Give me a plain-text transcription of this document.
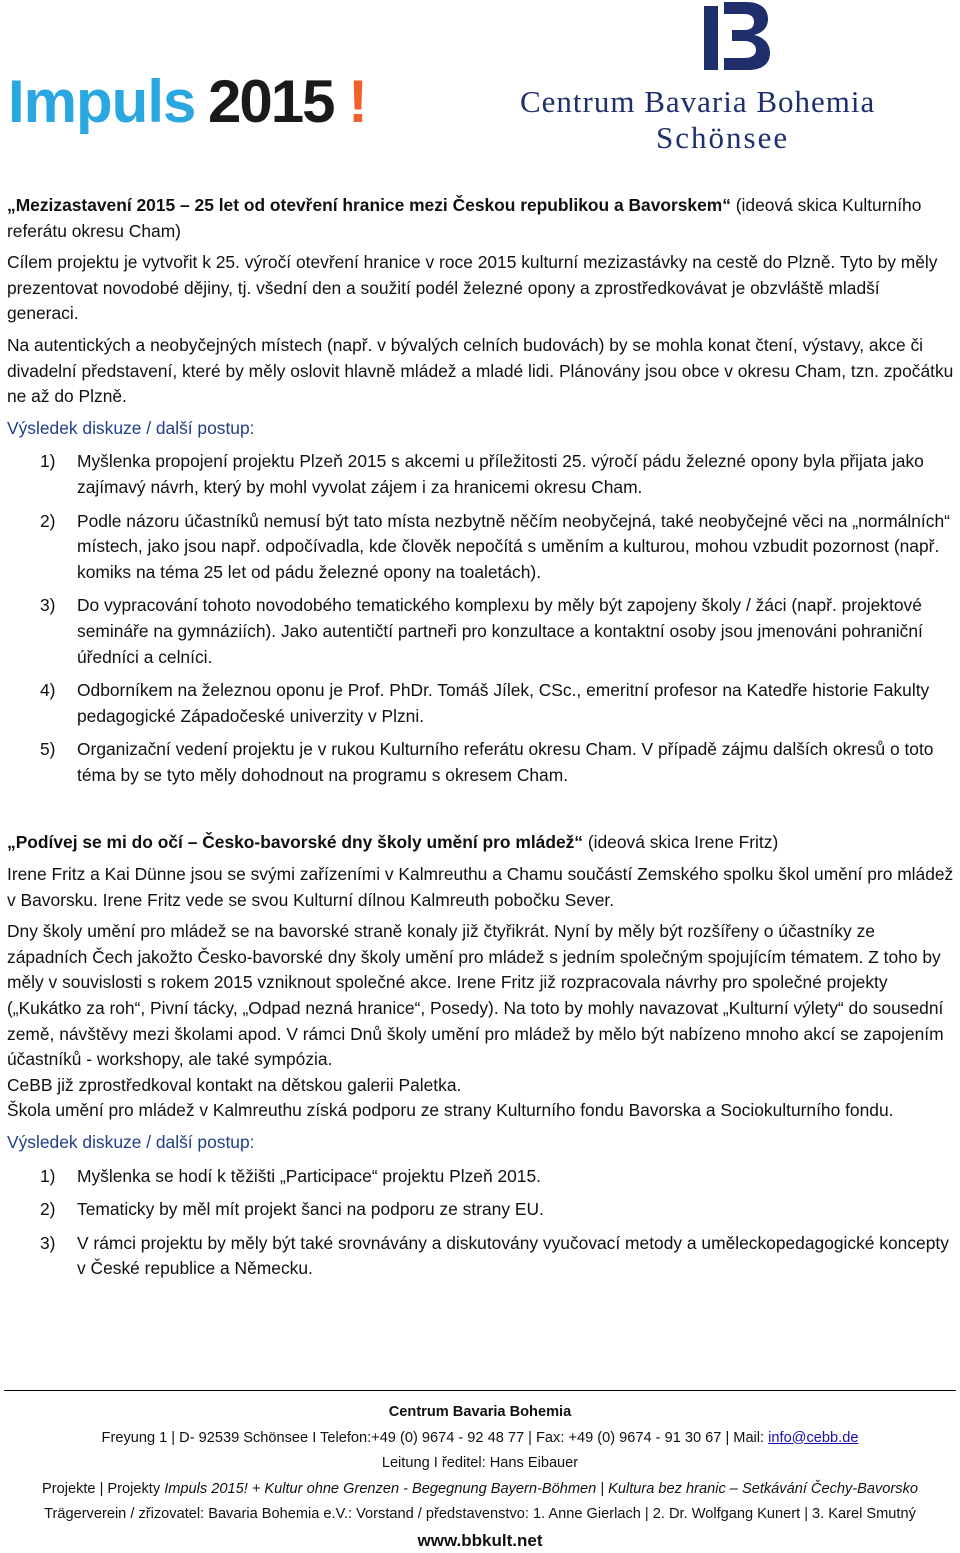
Impuls 2015 !	Centrum Bavaria Bohemia
Schönsee

„Mezizastavení 2015 – 25 let od otevření hranice mezi Českou republikou a Bavorskem“ (ideová skica Kulturního referátu okresu Cham)

Cílem projektu je vytvořit k 25. výročí otevření hranice v roce 2015 kulturní mezizastávky na cestě do Plzně. Tyto by měly prezentovat novodobé dějiny, tj. všední den a soužití podél železné opony a zprostředkovávat je obzvláště mladší generaci.

Na autentických a neobyčejných místech (např. v bývalých celních budovách) by se mohla konat čtení, výstavy, akce či divadelní představení, které by měly oslovit hlavně mládež a mladé lidi. Plánovány jsou obce v okresu Cham, tzn. zpočátku ne až do Plzně.

Výsledek diskuze / další postup:

1) Myšlenka propojení projektu Plzeň 2015 s akcemi u příležitosti 25. výročí pádu železné opony byla přijata jako zajímavý návrh, který by mohl vyvolat zájem i za hranicemi okresu Cham.
2) Podle názoru účastníků nemusí být tato místa nezbytně něčím neobyčejná, také neobyčejné věci na „normálních“ místech, jako jsou např. odpočívadla, kde člověk nepočítá s uměním a kulturou, mohou vzbudit pozornost (např. komiks na téma 25 let od pádu železné opony na toaletách).
3) Do vypracování tohoto novodobého tematického komplexu by měly být zapojeny školy / žáci (např. projektové semináře na gymnáziích). Jako autentičtí partneři pro konzultace a kontaktní osoby jsou jmenováni pohraniční úředníci a celníci.
4) Odborníkem na železnou oponu je Prof. PhDr. Tomáš Jílek, CSc., emeritní profesor na Katedře historie Fakulty pedagogické Západočeské univerzity v Plzni.
5) Organizační vedení projektu je v rukou Kulturního referátu okresu Cham. V případě zájmu dalších okresů o toto téma by se tyto měly dohodnout na programu s okresem Cham.

„Podívej se mi do očí – Česko-bavorské dny školy umění pro mládež“ (ideová skica Irene Fritz)

Irene Fritz a Kai Dünne jsou se svými zařízeními v Kalmreuthu a Chamu součástí Zemského spolku škol umění pro mládež v Bavorsku. Irene Fritz vede se svou Kulturní dílnou Kalmreuth pobočku Sever.

Dny školy umění pro mládež se na bavorské straně konaly již čtyřikrát. Nyní by měly být rozšířeny o účastníky ze západních Čech jakožto Česko-bavorské dny školy umění pro mládež s jedním společným spojujícím tématem. Z toho by měly v souvislosti s rokem 2015 vzniknout společné akce. Irene Fritz již rozpracovala návrhy pro společné projekty („Kukátko za roh“, Pivní tácky, „Odpad nezná hranice“, Posedy). Na toto by mohly navazovat „Kulturní výlety“ do sousední země, návštěvy mezi školami apod. V rámci Dnů školy umění pro mládež by mělo být nabízeno mnoho akcí se zapojením účastníků - workshopy, ale také sympózia.

CeBB již zprostředkoval kontakt na dětskou galerii Paletka.

Škola umění pro mládež v Kalmreuthu získá podporu ze strany Kulturního fondu Bavorska a Sociokulturního fondu.

Výsledek diskuze / další postup:

1) Myšlenka se hodí k těžišti „Participace“ projektu Plzeň 2015.
2) Tematicky by měl mít projekt šanci na podporu ze strany EU.
3) V rámci projektu by měly být také srovnávány a diskutovány vyučovací metody a uměleckopedagogické koncepty v České republice a Německu.
Centrum Bavaria Bohemia
Freyung 1 | D- 92539 Schönsee I Telefon:+49 (0) 9674 - 92 48 77 | Fax: +49 (0) 9674 - 91 30 67 | Mail: info@cebb.de
Leitung I ředitel: Hans Eibauer
Projekte | Projekty Impuls 2015! + Kultur ohne Grenzen - Begegnung Bayern-Böhmen | Kultura bez hranic – Setkávání Čechy-Bavorsko
Trägerverein / zřizovatel: Bavaria Bohemia e.V.: Vorstand / představenstvo: 1. Anne Gierlach | 2. Dr. Wolfgang Kunert | 3. Karel Smutný
www.bbkult.net
